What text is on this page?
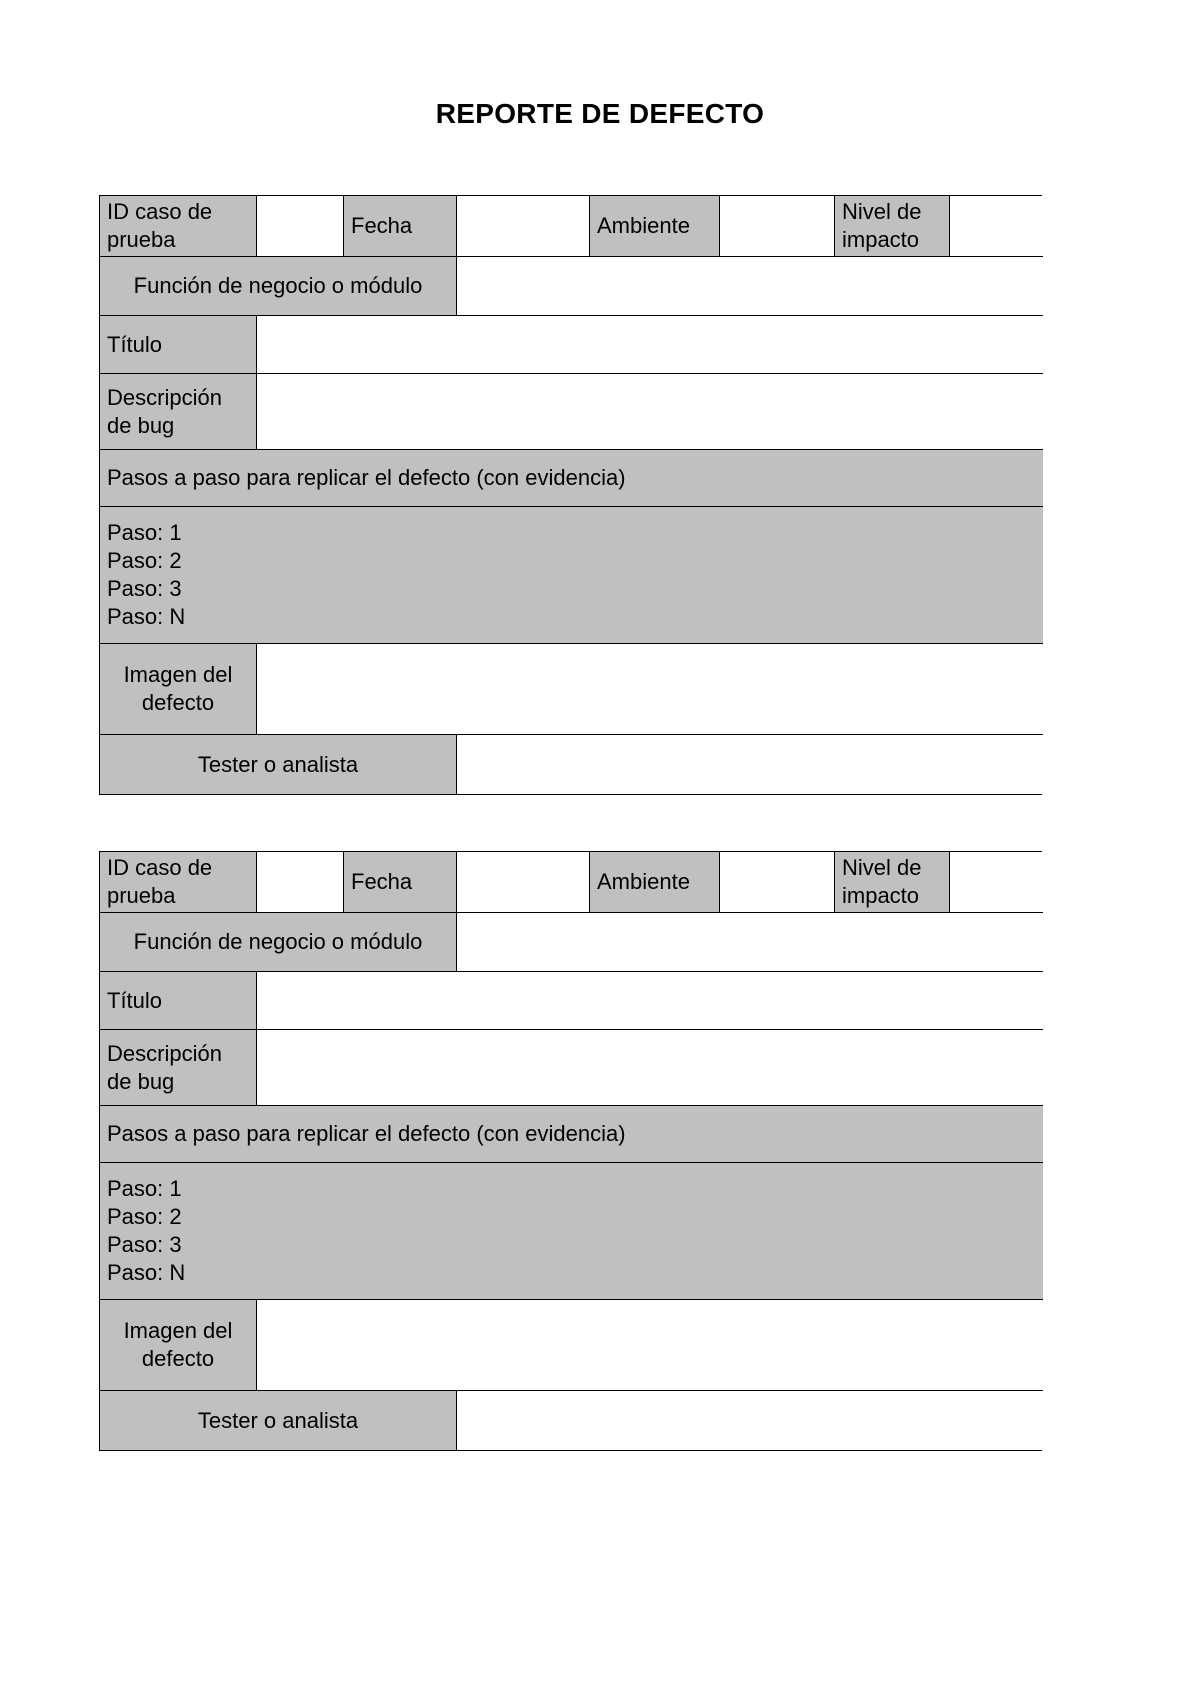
REPORTE DE DEFECTO
ID caso de
prueba
Fecha	Ambiente
Nivel de
impacto
Función de negocio o módulo
Título
Descripción
de bug
Pasos a paso para replicar el defecto (con evidencia)
Paso: 1
Paso: 2
Paso: 3
Paso: N
Imagen del
defecto
Tester o analista
ID caso de
prueba
Fecha	Ambiente
Nivel de
impacto
Función de negocio o módulo
Título
Descripción
de bug
Pasos a paso para replicar el defecto (con evidencia)
Paso: 1
Paso: 2
Paso: 3
Paso: N
Imagen del
defecto
Tester o analista
